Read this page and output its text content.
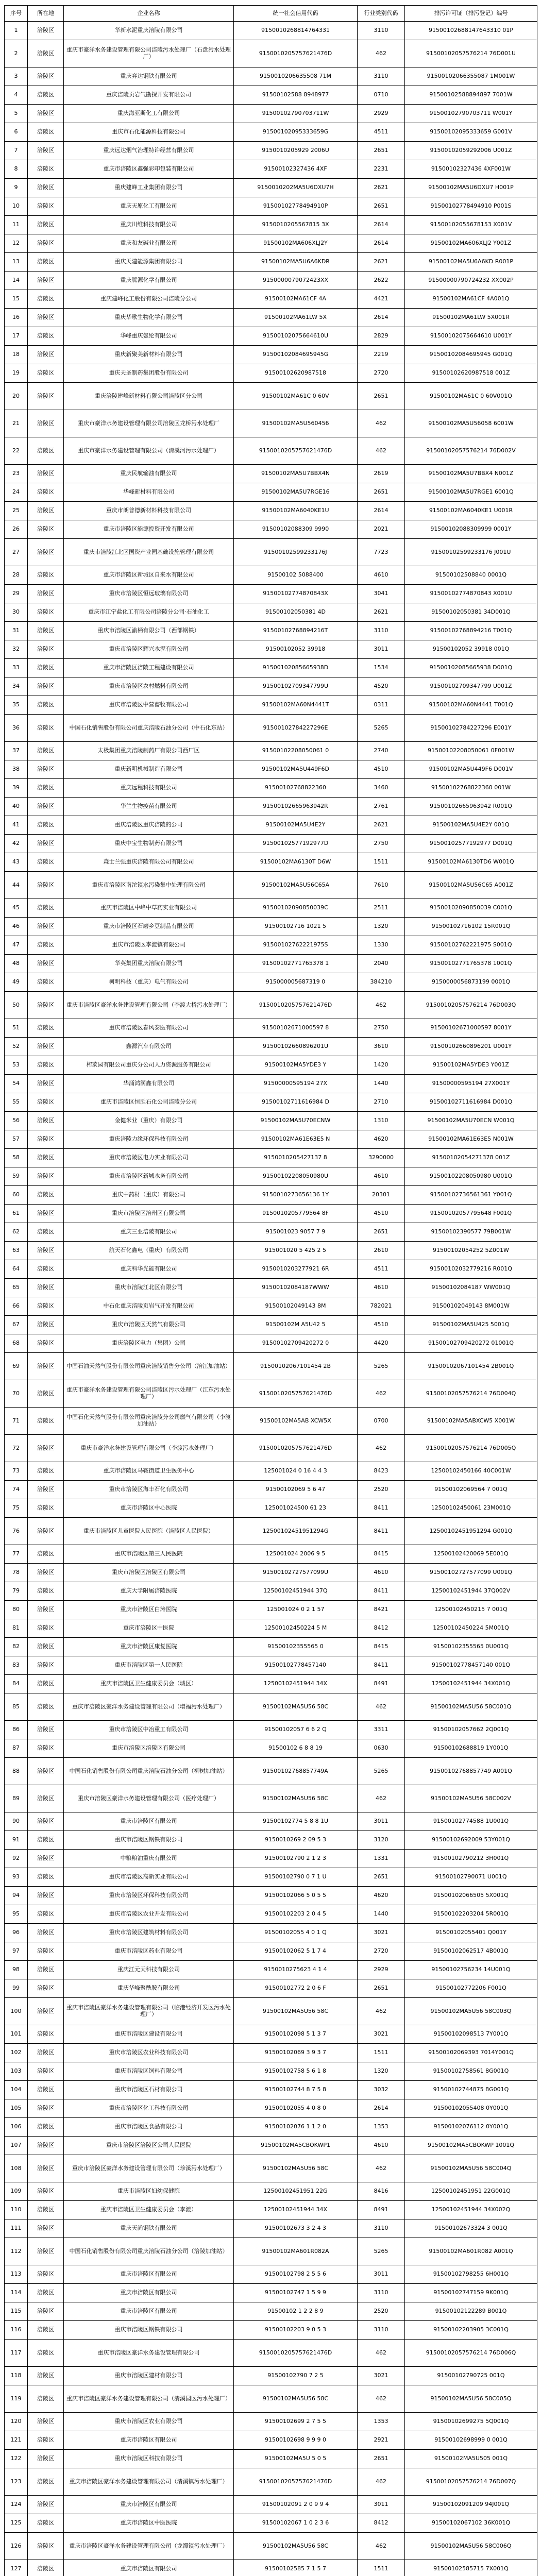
序号	所在地	企业名称	统一社会信用代码	行业类别代码	排污许可证（排污登记）编号
1	涪陵区	华新水泥重庆涪陵有限公司	9150010268814764331	3110	91500102688147643310 01P
2	涪陵区	重庆市豪洋水务建设管理有限公司涪陵污水处理厂（石盘污水处理厂）	9150010205757621476D	462	91500102057576214 76D001U
3	涪陵区	重庆弈达钢铁有限公司	9150010206635508 71M	3110	91500102066355087 1M001W
4	涪陵区	重庆涪陵页岩气勘探开发有限公司	91500102588 8948977	0710	91500102588894897 7001W
5	涪陵区	重庆海亚斯化工有限公司	91500102790703711W	2929	91500102790703711 W001Y
6	涪陵区	重庆市石化能源科技有限公司	91500102095333659G	4511	91500102095333659 G001V
7	涪陵区	重庆远达烟气治理特许经营有限公司	9150010205929 2006U	2651	91500102059292006 U001Z
8	涪陵区	重庆市涪陵区鑫强彩印包装有限公司	91500102327436 4XF	2231	91500102327436 4XF001W
9	涪陵区	重庆建峰工业集团有限公司	9150010202MA5U6DXU7H	2621	91500102MA5U6DXU7 H001P
10	涪陵区	重庆天原化工有限公司	91500102778494910P	2651	91500102778494910 P001S
11	涪陵区	重庆川维科技有限公司	9150010205567815 3X	2614	91500102055678153 X001V
12	涪陵区	重庆和友碱业有限公司	91500102MA606XLJ2Y	2614	91500102MA606XLJ2 Y001Z
13	涪陵区	重庆天建能源集团有限公司	91500102MA5U6A6KDR	2621	91500102MA5U6A6KD R001P
14	涪陵区	重庆腾源化学有限公司	9150000079072423XX	2622	91500000790724232 XX002P
15	涪陵区	重庆建峰化工股份有限公司涪陵分公司	91500102MA61CF 4A	4421	91500102MA61CF 4A001Q
16	涪陵区	重庆华歌生物化学有限公司	91500102MA61LW 5X	2614	91500102MA61LW 5X001R
17	涪陵区	华峰重庆氨纶有限公司	91500102075664610U	2829	91500102075664610 U001Y
18	涪陵区	重庆新聚美新材料有限公司	91500102084695945G	2219	91500102084695945 G001Q
19	涪陵区	重庆天圣制药集团股份有限公司	91500102620987518	2720	91500102620987518 001Z
20	涪陵区	重庆涪陵建峰新材料有限公司涪陵区分公司	91500102MA61C 0 60V	2651	91500102MA61C 0 60V001Q
21	涪陵区	重庆市豪洋水务建设管理有限公司涪陵区龙桥污水处理厂	91500102MA5U560456	462	91500102MA5U56058 6001W
22	涪陵区	重庆市豪洋水务建设管理有限公司（清溪河污水处理厂）	9150010205757621476D	462	91500102057576214 76D002V
23	涪陵区	重庆民航输油有限公司	91500102MA5U7BBX4N	2619	91500102MA5U7BBX4 N001Z
24	涪陵区	华峰新材料有限公司	91500102MA5U7RGE16	2651	91500102MA5U7RGE1 6001Q
25	涪陵区	重庆市朗普德新材料科技有限公司	91500102MA6040KE1U	2614	91500102MA6040KE1 U001R
26	涪陵区	重庆市涪陵区能源投资开发有限公司	91500102088309 9990	2021	91500102088309999 0001Y
27	涪陵区	重庆市涪陵江北区国资产业园基础设施管理有限公司	91500102599233176J	7723	91500102599233176 J001U
28	涪陵区	重庆市涪陵区新城区自来水有限公司	91500102 5088400	4610	91500102508840 0001Q
29	涪陵区	重庆市涪陵区恒远玻璃有限公司	91500102774870843X	3041	91500102774870843 X001U
30	涪陵区	重庆市江宁盐化工有限公司涪陵分公司·石油化工	91500102050381 4D	2621	91500102050381 34D001Q
31	涪陵区	重庆市涪陵区渝桶有限公司（西部钢铁）	91500102768894216T	3110	91500102768894216 T001Q
32	涪陵区	重庆市涪陵区辉兴水泥有限公司	91500102052 39918	3011	91500102052 39918 001Q
33	涪陵区	重庆市涪陵区涪陵工程建设有限公司	91500102085665938D	1534	91500102085665938 D001Q
34	涪陵区	重庆市涪陵区农村燃料有限公司	91500102709347799U	4520	91500102709347799 U001Z
35	涪陵区	重庆市涪陵区中营畜牧有限公司	91500102MA60N4441T	0311	91500102MA60N4441 T001Q
36	涪陵区	中国石化销售股份有限公司重庆涪陵石油分公司（中石化东站）	91500102784227296E	5265	91500102784227296 E001Y
37	涪陵区	太极集团重庆涪陵制药厂有限公司西厂区	91500102208050061 0	2740	91500102208050061 0F001W
38	涪陵区	重庆新明机械制造有限公司	91500102MA5U449F6D	4510	91500102MA5U449F6 D001V
39	涪陵区	重庆远程科技有限公司	91500102768822360	3460	91500102768822360 001W
40	涪陵区	华兰生物疫苗有限公司	91500102665963942R	2761	91500102665963942 R001Q
41	涪陵区	重庆涪陵区重庆涪陵的公司	91500102MA5U4E2Y	2621	91500102MA5U4E2Y 001Q
42	涪陵区	重庆中宝生物制药有限公司	91500102577192977D	2750	91500102577192977 D001Q
43	涪陵区	森士兰强重庆涪陵有限公司有限公司	91500102MA6130T D6W	1511	91500102MA6130TD6 W001Q
44	涪陵区	重庆市涪陵区南沱镇水污染集中处理有限公司	91500102MA5U56C65A	7610	91500102MA5U56C65 A001Z
45	涪陵区	重庆市涪陵区中峰中草药实业有限公司	91500102090850039C	2511	91500102090850039 C001Q
46	涪陵区	重庆市涪陵区石磨乡豆制品有限公司	91500102716 1021 5	1320	91500102716102 15R001Q
47	涪陵区	重庆市涪陵区李渡镇有限公司	91500102762221975S	1330	91500102762221975 S001Q
48	涪陵区	华英集团重庆涪陵有限公司	91500102771765378 1	2040	91500102771765378 1001Q
49	涪陵区	柯明科技（重庆）电气有限公司	915000005687319 0	384210	9150000056873199 0001Q
50	涪陵区	重庆市涪陵区豪洋水务建设管理有限公司（李渡大桥污水处理厂）	9150010205757621476D	462	91500102057576214 76D003Q
51	涪陵区	重庆市涪陵区春风泰医有限公司	91500102671000597 8	2750	91500102671000597 8001Y
52	涪陵区	鑫源汽车有限公司	91500102660896201U	3610	91500102660896201 U001Y
53	涪陵区	榨菜园有限公司重庆分公司人力资源服务有限公司	91500102MA5YDE3 Y	1420	91500102MA5YDE3 Y001Z
54	涪陵区	华涌鸿润鑫有限公司	91500000595194 27X	1440	91500000595194 27X001Y
55	涪陵区	重庆市涪陵区恒胜石化公司涪陵分公司	91500102711616984 D	2710	91500102711616984 D001Q
56	涪陵区	金健米业（重庆）有限公司	91500102MA5U70ECNW	1310	91500102MA5U70ECN W001Q
57	涪陵区	重庆涪陵力缘环保科技有限公司	91500102MA61E63E5 N	4620	91500102MA61E63E5 N001W
58	涪陵区	重庆市涪陵区电力实业有限公司	9150010205427137 8	3290000	91500102054271378 001Z
59	涪陵区	重庆市涪陵区新城水务有限公司	91500102208050980U	4610	91500102208050980 U001Q
60	涪陵区	重庆中药材（重庆）有限公司	9150010273656136 1Y	20301	91500102736561361 Y001Q
61	涪陵区	重庆市涪陵区涪州区有限公司	9150010205779564 8F	4510	91500102057795648 F001Q
62	涪陵区	重庆三亚涪陵有限公司	915001023 9057 7 9	2651	91500102390577 79B001W
63	涪陵区	航天石化鑫电（重庆）有限公司	915001020 5 425 2 5	2610	91500102054252 5Z001W
64	涪陵区	重庆科华光能有限公司	9150010203277921 6R	4511	91500102032779216 R001Q
65	涪陵区	重庆市涪陵江北区有限公司	91500102084187WWW	4610	91500102084187 WW001Q
66	涪陵区	中石化重庆涪陵页岩气开发有限公司	91500102049143 8M	782021	91500102049143 8M001W
67	涪陵区	重庆市涪陵区天然气有限公司	91500102M A5U42 5	4510	91500102MA5U425 5001Q
68	涪陵区	重庆涪陵区电力（集团）公司	91500102709420272 0	4420	91500102709420272 01001Q
69	涪陵区	中国石油天然气股份有限公司重庆涪陵销售分公司（涪江加油站）	91500102067101454 2B	5265	91500102067101454 2B001Q
70	涪陵区	重庆市豪洋水务建设管理有限公司涪陵区污水处理厂（江东污水处理厂）	9150010205757621476D	462	91500102057576214 76D004Q
71	涪陵区	中国石化天然气股份有限公司重庆涪陵分公司燃气有限公司（李渡加油站）	91500102MA5AB XCW5X	0700	91500102MA5ABXCW5 X001W
72	涪陵区	重庆市豪洋水务建设管理有限公司（李渡污水处理厂）	9150010205757621476D	462	91500102057576214 76D005Q
73	涪陵区	重庆市涪陵区马鞍街道卫生医务中心	125001024 0 16 4 4 3	8423	12500102450166 40C001W
74	涪陵区	重庆市涪陵区海丰石化有限公司	91500102069 5 6 47	2520	91500102069564 7 001Q
75	涪陵区	重庆市涪陵区中心医院	125001024500 61 23	8411	12500102450061 23M001Q
76	涪陵区	重庆市涪陵区儿童医院人民医院（涪陵区人民医院）	12500102451951294G	8411	12500102451951294 G001Q
77	涪陵区	重庆市涪陵区第三人民医院	125001024 2006 9 5	8415	12500102420069 5E001Q
78	涪陵区	重庆市涪陵区涪陵区有限公司	91500102727577099U	4610	91500102727577099 U001Q
79	涪陵区	重庆大学附属涪陵医院	12500102451944 37Q	8411	12500102451944 37Q002V
80	涪陵区	重庆市涪陵区白涛医院	125001024 0 2 1 57	8421	12500102450215 7 001Q
81	涪陵区	重庆市涪陵区中医院	12500102450224 5 M	8412	12500102450224 5M001Q
82	涪陵区	重庆市涪陵区康复医院	91500102355565 0	8415	91500102355565 0U001Q
83	涪陵区	重庆市涪陵区第一人民医院	91500102778457140	8411	91500102778457140 001Q
84	涪陵区	重庆市涪陵区卫生健康委员会（城区）	12500102451944 34X	8491	12500102451944 34X001Q
85	涪陵区	重庆市涪陵区豪洋水务建设管理有限公司（增福污水处理厂）	91500102MA5U56 58C	462	91500102MA5U56 58C001Q
86	涪陵区	重庆市涪陵区中冶重工有限公司	91500102057 6 6 2 Q	3311	91500102057662 2Q001Q
87	涪陵区	重庆市涪陵区涪陵区有限公司	91500102 6 8 8 19	0630	91500102688819 1Y001Q
88	涪陵区	中国石化销售股份有限公司重庆涪陵石油分公司（柳树加油站）	91500102768857749A	5265	91500102768857749 A001Q
89	涪陵区	重庆市涪陵区豪洋水务建设管理有限公司（医疗处理厂）	91500102MA5U56 58C	462	91500102MA5U56 58C002V
90	涪陵区	重庆市涪陵区有限公司	91500102774 5 8 8 1U	3011	91500102774588 1U001Q
91	涪陵区	重庆市涪陵区钢铁有限公司	9150010269 2 09 5 3	3120	91500102692009 53Y001Q
92	涪陵区	中粮粮油重庆有限公司	91500102790 2 1 2 3	1331	91500102790212 3H001Q
93	涪陵区	重庆市涪陵区高新实业有限公司	91500102790 0 7 1 U	2651	91500102790071 U001Q
94	涪陵区	重庆市涪陵区环保科技有限公司	91500102066 5 0 5 5	4620	91500102066505 5X001Q
95	涪陵区	重庆市涪陵区农业开发有限公司	91500102203 2 0 4 5	1440	91500102203204 5R001Q
96	涪陵区	重庆市涪陵区建筑材料有限公司	91500102055 4 0 1 Q	3021	91500102055401 Q001Y
97	涪陵区	重庆市涪陵区药业有限公司	91500102062 5 1 7 4	2720	91500102062517 4B001Q
98	涪陵区	重庆江元天科技有限公司	9150010275623 4 1 4	2929	91500102756234 14U001Q
99	涪陵区	重庆华峰聚酰胺有限公司	91500102772 2 0 6 F	2651	91500102772206 F001Q
100	涪陵区	重庆市涪陵区豪洋水务建设管理有限公司（临港经济开发区污水处理厂）	91500102MA5U56 58C	462	91500102MA5U56 58C003Q
101	涪陵区	重庆市涪陵区建设有限公司	91500102098 5 1 3 7	3021	91500102098513 7Y001Q
102	涪陵区	重庆市涪陵区农业科技有限公司	91500102069 3 9 3 7	1511	91500102069393 7014Y001Q
103	涪陵区	重庆市涪陵区饲料有限公司	91500102758 5 6 1 8	1320	91500102758561 8G001Q
104	涪陵区	重庆市涪陵区石材有限公司	91500102744 8 7 5 8	3032	91500102744875 8G001Q
105	涪陵区	重庆市涪陵区化工科技有限公司	91500102055 4 0 8 0	2614	91500102055408 0Y001Q
106	涪陵区	重庆市涪陵区食品有限公司	91500102076 1 1 2 0	1353	91500102076112 0Y001Q
107	涪陵区	重庆市涪陵区涪陵区公司人民医院	91500102MA5CBOKWP1	4610	91500102MA5CBOKWP 1001Q
108	涪陵区	重庆市涪陵区豪洋水务建设管理有限公司（珍溪污水处理厂）	91500102MA5U56 58C	462	91500102MA5U56 58C004Q
109	涪陵区	重庆市涪陵区妇幼保健院	12500102451951 22G	8416	12500102451951 22G001Q
110	涪陵区	重庆市涪陵区卫生健康委员会（李渡）	12500102451944 34X	8491	12500102451944 34X002Q
111	涪陵区	重庆天尚钢铁有限公司	91500102673 3 2 4 3	3110	91500102673324 3 001Q
112	涪陵区	中国石化销售股份有限公司重庆涪陵石油分公司（涪陵加油站）	91500102MA601R082A	5265	91500102MA601R082 A001Q
113	涪陵区	重庆市涪陵区有限公司	91500102798 2 5 5 6	3011	91500102798255 6H001Q
114	涪陵区	重庆市涪陵区有限公司	91500102747 1 5 9 9	3110	91500102747159 9K001Q
115	涪陵区	重庆市涪陵区有限公司	91500102 1 2 2 8 9	2520	91500102122289 B001Q
116	涪陵区	重庆市涪陵区钢铁有限公司	91500102203 9 0 5 3	3110	91500102203905 3C001Q
117	涪陵区	重庆市涪陵区豪洋水务建设管理有限公司	9150010205757621476D	462	91500102057576214 76D006Q
118	涪陵区	重庆市涪陵区建材有限公司	91500102790 7 2 5	3021	91500102790725 001Q
119	涪陵区	重庆市涪陵区豪洋水务建设管理有限公司（清溪园区污水处理厂）	91500102MA5U56 58C	462	91500102MA5U56 58C005Q
120	涪陵区	重庆市涪陵区农业有限公司	91500102699 2 7 5 5	1353	91500102699275 5Q001Q
121	涪陵区	重庆市涪陵区有限公司	91500102698 9 9 9 0	2921	91500102698999 0 001Q
122	涪陵区	重庆市涪陵区科技有限公司	91500102MA5U 5 0 5	2651	91500102MA5U505 001Q
123	涪陵区	重庆市涪陵区豪洋水务建设管理有限公司（清溪镇污水处理厂）	9150010205757621476D	462	91500102057576214 76D007Q
124	涪陵区	重庆市涪陵区有限公司	91500102091 2 0 9 9 4	3011	91500102091209 94J001Q
125	涪陵区	重庆市涪陵区中医医院	91500102067 1 0 2 3 6	8412	91500102067102 36K001Q
126	涪陵区	重庆市涪陵区豪洋水务建设管理有限公司（龙潭镇污水处理厂）	91500102MA5U56 58C	462	91500102MA5U56 58C006Q
127	涪陵区	重庆市涪陵区有限公司	91500102585 7 1 5 7	1511	91500102585715 7X001Q
